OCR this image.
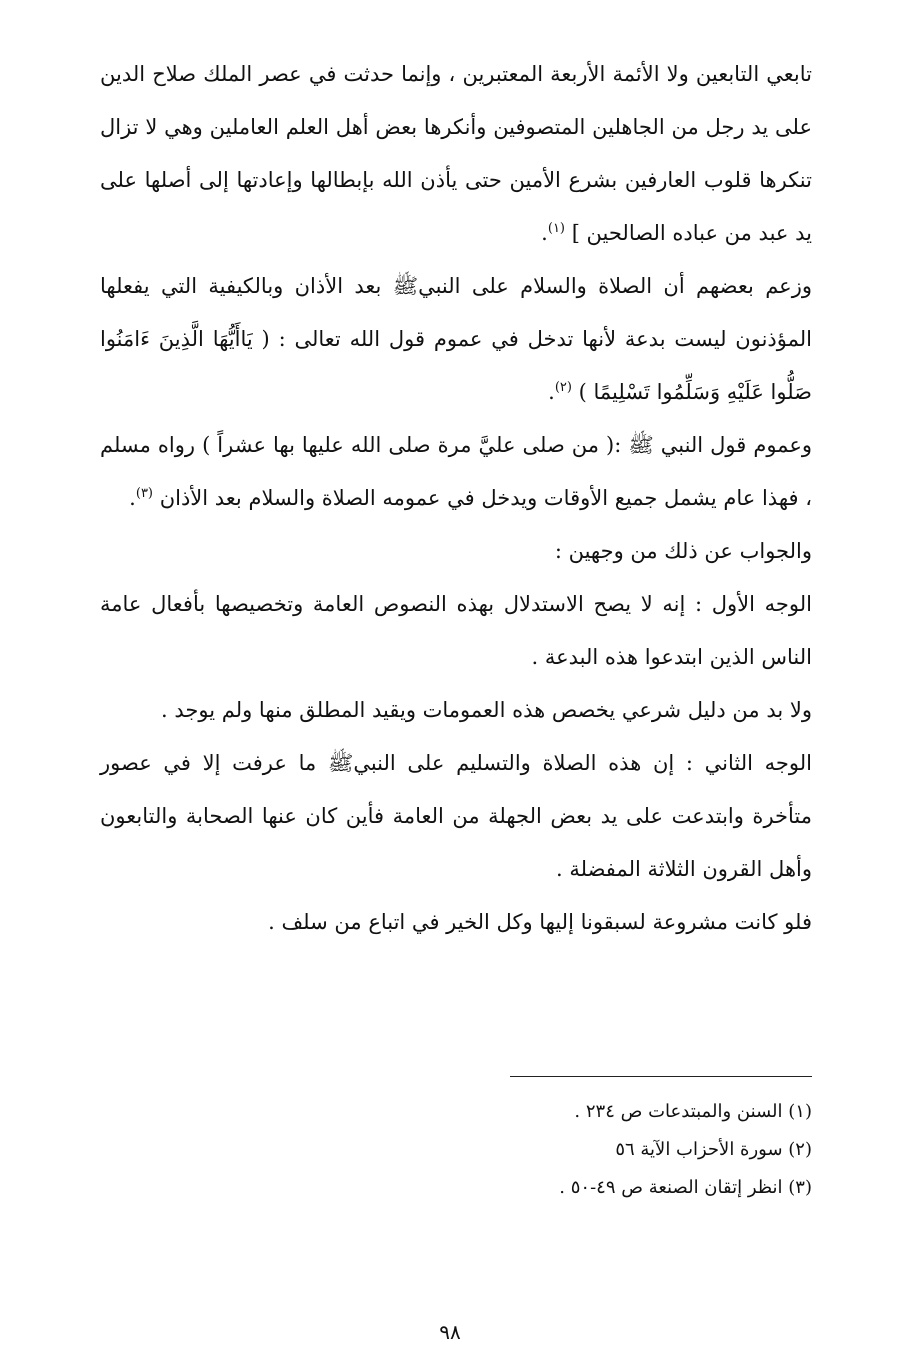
تابعي التابعين ولا الأئمة الأربعة المعتبرين ، وإنما حدثت في عصر الملك صلاح الدين على يد رجل من الجاهلين المتصوفين وأنكرها بعض أهل العلم العاملين وهي لا تزال تنكرها قلوب العارفين بشرع الأمين حتى يأذن الله بإبطالها وإعادتها إلى أصلها على يد عبد من عباده الصالحين ] $^{(١)}$.

وزعم بعضهم أن الصلاة والسلام على النبيﷺ بعد الأذان وبالكيفية التي يفعلها المؤذنون ليست بدعة لأنها تدخل في عموم قول الله تعالى : ( يَاأَيُّهَا الَّذِينَ ءَامَنُوا صَلُّوا عَلَيْهِ وَسَلِّمُوا تَسْلِيمًا ) $^{(٢)}$.

وعموم قول النبي ﷺ :( من صلى عليَّ مرة صلى الله عليها بها عشراً ) رواه مسلم ، فهذا عام يشمل جميع الأوقات ويدخل في عمومه الصلاة والسلام بعد الأذان $^{(٣)}$.

والجواب عن ذلك من وجهين :

الوجه الأول : إنه لا يصح الاستدلال بهذه النصوص العامة وتخصيصها بأفعال عامة الناس الذين ابتدعوا هذه البدعة .

ولا بد من دليل شرعي يخصص هذه العمومات ويقيد المطلق منها ولم يوجد .

الوجه الثاني : إن هذه الصلاة والتسليم على النبيﷺ ما عرفت إلا في عصور متأخرة وابتدعت على يد بعض الجهلة من العامة فأين كان عنها الصحابة والتابعون وأهل القرون الثلاثة المفضلة .

فلو كانت مشروعة لسبقونا إليها وكل الخير في اتباع من سلف .

(١) السنن والمبتدعات ص ٢٣٤ .

(٢) سورة الأحزاب الآية ٥٦

(٣) انظر إتقان الصنعة ص ٤٩-٥٠ .

٩٨
